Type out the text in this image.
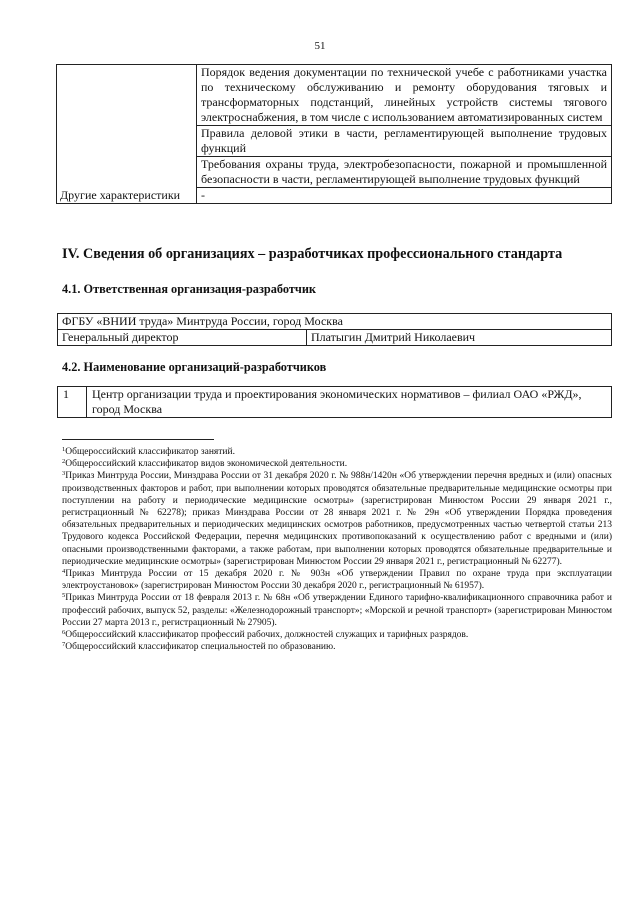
51
	Порядок ведения документации по технической учебе с работниками участка по техническому обслуживанию и ремонту оборудования тяговых и трансформаторных подстанций, линейных устройств системы тягового электроснабжения, в том числе с использованием автоматизированных систем
	Правила деловой этики в части, регламентирующей выполнение трудовых функций
	Требования охраны труда, электробезопасности, пожарной и промышленной безопасности в части, регламентирующей выполнение трудовых функций
Другие характеристики	-
IV. Сведения об организациях – разработчиках профессионального стандарта
4.1. Ответственная организация-разработчик
ФГБУ «ВНИИ труда» Минтруда России, город Москва
Генеральный директор	Платыгин Дмитрий Николаевич
4.2. Наименование организаций-разработчиков
1	Центр организации труда и проектирования экономических нормативов – филиал ОАО «РЖД», город Москва

$^1$Общероссийский классификатор занятий.

$^2$Общероссийский классификатор видов экономической деятельности.

$^3$Приказ Минтруда России, Минздрава России от 31 декабря 2020 г. № 988н/1420н «Об утверждении перечня вредных и (или) опасных производственных факторов и работ, при выполнении которых проводятся обязательные предварительные медицинские осмотры при поступлении на работу и периодические медицинские осмотры» (зарегистрирован Минюстом России 29 января 2021 г., регистрационный № 62278); приказ Минздрава России от 28 января 2021 г. № 29н «Об утверждении Порядка проведения обязательных предварительных и периодических медицинских осмотров работников, предусмотренных частью четвертой статьи 213 Трудового кодекса Российской Федерации, перечня медицинских противопоказаний к осуществлению работ с вредными и (или) опасными производственными факторами, а также работам, при выполнении которых проводятся обязательные предварительные и периодические медицинские осмотры» (зарегистрирован Минюстом России 29 января 2021 г., регистрационный № 62277).

$^4$Приказ Минтруда России от 15 декабря 2020 г. № 903н «Об утверждении Правил по охране труда при эксплуатации электроустановок» (зарегистрирован Минюстом России 30 декабря 2020 г., регистрационный № 61957).

$^5$Приказ Минтруда России от 18 февраля 2013 г. № 68н «Об утверждении Единого тарифно-квалификационного справочника работ и профессий рабочих, выпуск 52, разделы: «Железнодорожный транспорт»; «Морской и речной транспорт» (зарегистрирован Минюстом России 27 марта 2013 г., регистрационный № 27905).

$^6$Общероссийский классификатор профессий рабочих, должностей служащих и тарифных разрядов.

$^7$Общероссийский классификатор специальностей по образованию.
